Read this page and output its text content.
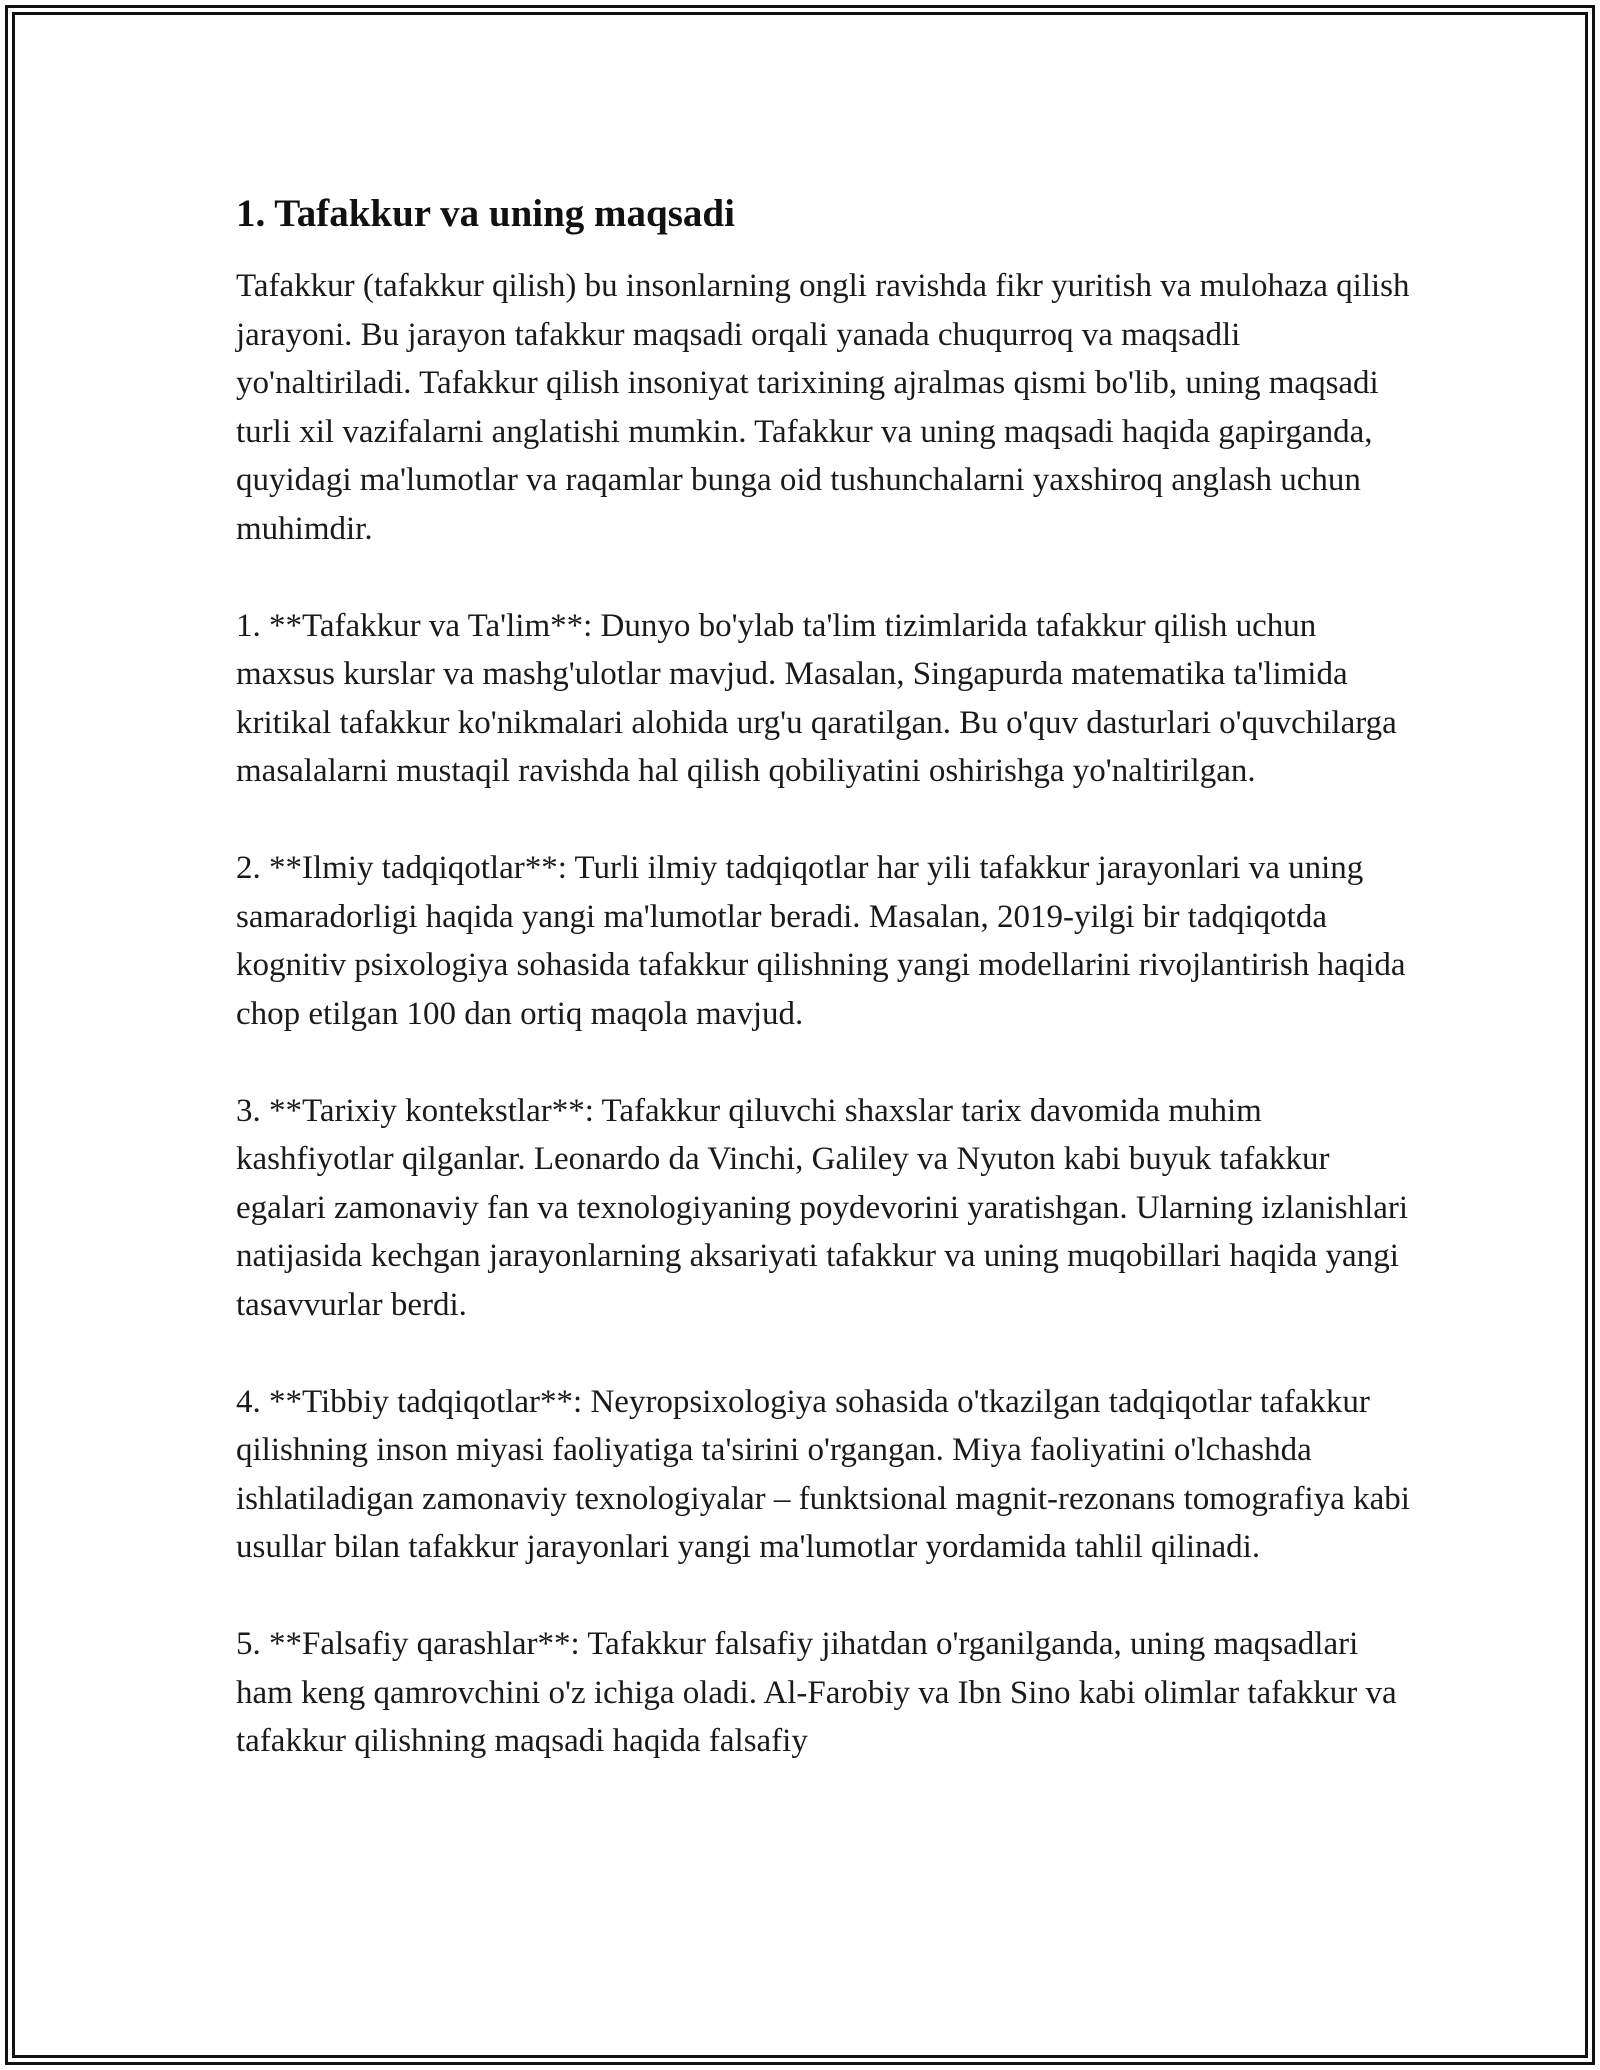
1. Tafakkur va uning maqsadi

Tafakkur (tafakkur qilish) bu insonlarning ongli ravishda fikr yuritish va mulohaza qilish jarayoni. Bu jarayon tafakkur maqsadi orqali yanada chuqurroq va maqsadli yo'naltiriladi. Tafakkur qilish insoniyat tarixining ajralmas qismi bo'lib, uning maqsadi turli xil vazifalarni anglatishi mumkin. Tafakkur va uning maqsadi haqida gapirganda, quyidagi ma'lumotlar va raqamlar bunga oid tushunchalarni yaxshiroq anglash uchun muhimdir.

1. **Tafakkur va Ta'lim**: Dunyo bo'ylab ta'lim tizimlarida tafakkur qilish uchun maxsus kurslar va mashg'ulotlar mavjud. Masalan, Singapurda matematika ta'limida kritikal tafakkur ko'nikmalari alohida urg'u qaratilgan. Bu o'quv dasturlari o'quvchilarga masalalarni mustaqil ravishda hal qilish qobiliyatini oshirishga yo'naltirilgan.

2. **Ilmiy tadqiqotlar**: Turli ilmiy tadqiqotlar har yili tafakkur jarayonlari va uning samaradorligi haqida yangi ma'lumotlar beradi. Masalan, 2019-yilgi bir tadqiqotda kognitiv psixologiya sohasida tafakkur qilishning yangi modellarini rivojlantirish haqida chop etilgan 100 dan ortiq maqola mavjud.

3. **Tarixiy kontekstlar**: Tafakkur qiluvchi shaxslar tarix davomida muhim kashfiyotlar qilganlar. Leonardo da Vinchi, Galiley va Nyuton kabi buyuk tafakkur egalari zamonaviy fan va texnologiyaning poydevorini yaratishgan. Ularning izlanishlari natijasida kechgan jarayonlarning aksariyati tafakkur va uning muqobillari haqida yangi tasavvurlar berdi.

4. **Tibbiy tadqiqotlar**: Neyropsixologiya sohasida o'tkazilgan tadqiqotlar tafakkur qilishning inson miyasi faoliyatiga ta'sirini o'rgangan. Miya faoliyatini o'lchashda ishlatiladigan zamonaviy texnologiyalar – funktsional magnit-rezonans tomografiya kabi usullar bilan tafakkur jarayonlari yangi ma'lumotlar yordamida tahlil qilinadi.

5. **Falsafiy qarashlar**: Tafakkur falsafiy jihatdan o'rganilganda, uning maqsadlari ham keng qamrovchini o'z ichiga oladi. Al-Farobiy va Ibn Sino kabi olimlar tafakkur va tafakkur qilishning maqsadi haqida falsafiy
